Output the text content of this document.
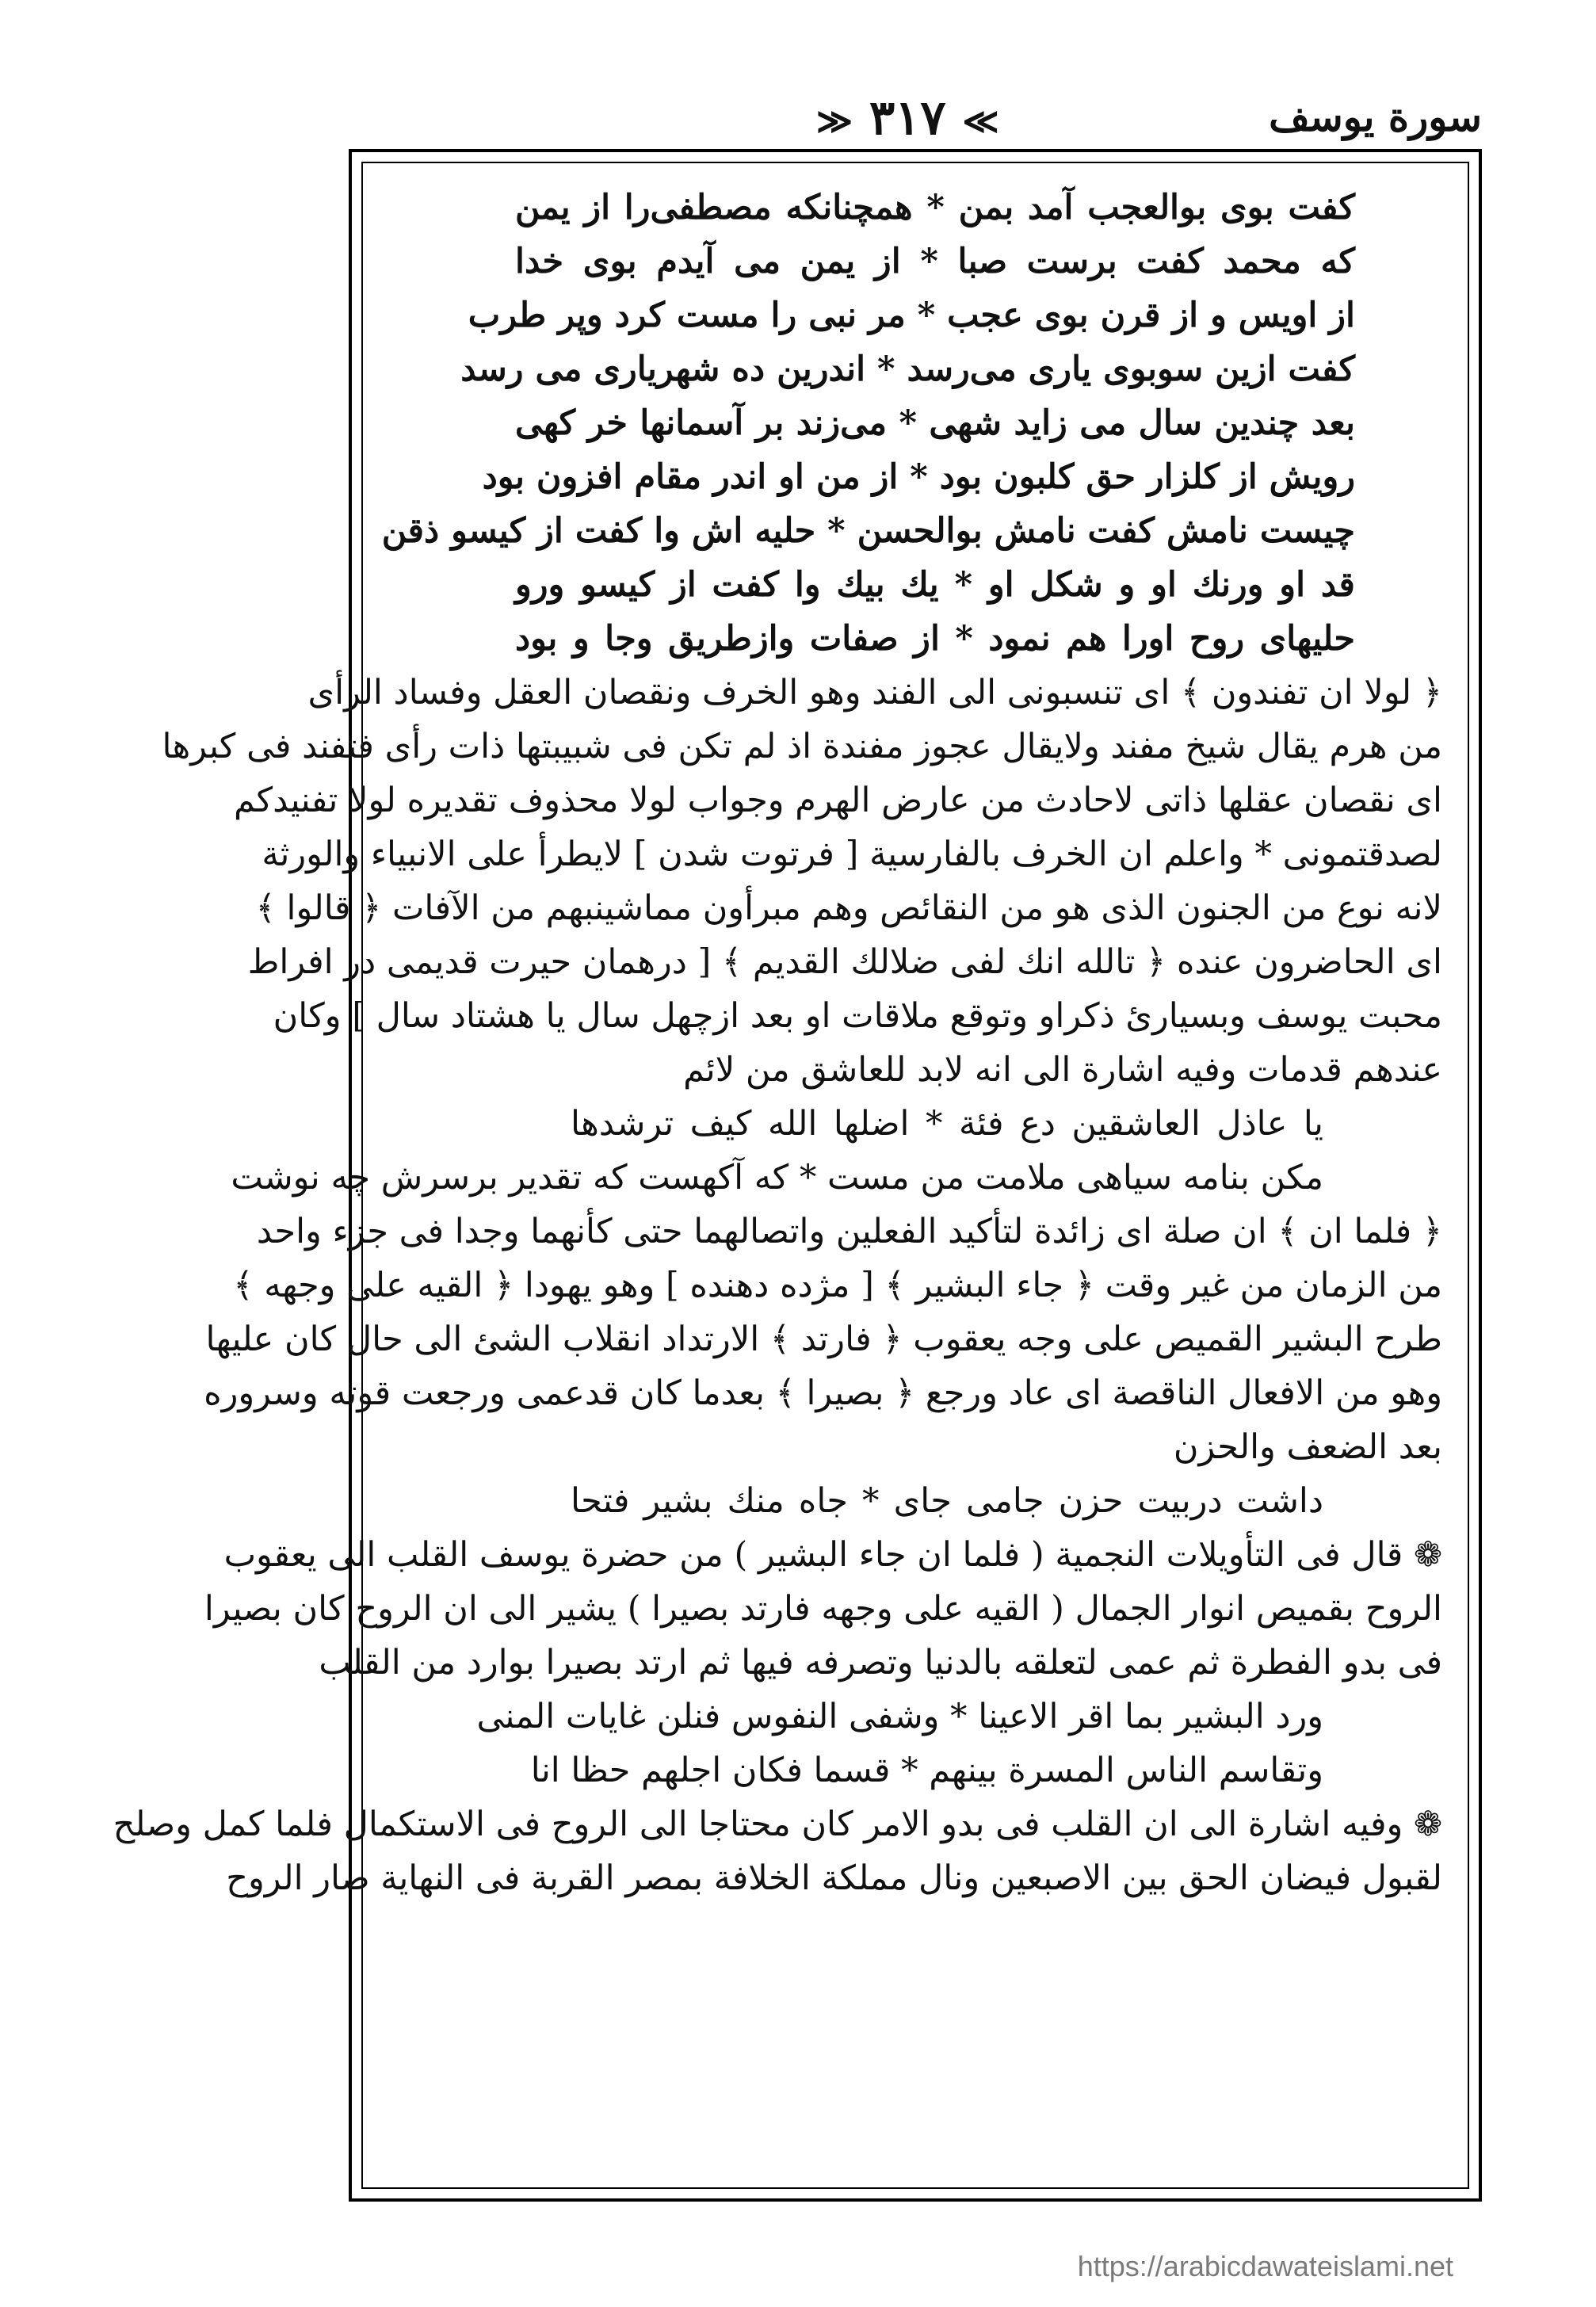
سورة يوسف
≫ ٣١٧ ≪
كفت بوى بوالعجب آمد بمن * همچنانکه مصطفى‌را از يمن
كه محمد كفت برست صبا * از يمن مى آيدم بوى خدا
از اويس و از قرن بوى عجب * مر نبى را مست كرد وپر طرب
كفت ازين سوبوى يارى مى‌رسد * اندرين ده شهريارى مى رسد
بعد چندين سال مى زايد شهى * مى‌زند بر آسمانها خر كهى
رويش از كلزار حق كلبون بود * از من او اندر مقام افزون بود
چيست نامش كفت نامش بوالحسن * حليه اش وا كفت از كيسو ذقن
قد او ورنك او و شكل او * يك بيك وا كفت از كيسو ورو
حليهاى روح اورا هم نمود * از صفات وازطريق وجا و بود
﴿ لولا ان تفندون ﴾ اى تنسبونى الى الفند وهو الخرف ونقصان العقل وفساد الرأى
من هرم يقال شيخ مفند ولايقال عجوز مفندة اذ لم تكن فى شبيبتها ذات رأى فتفند فى كبرها
اى نقصان عقلها ذاتى لاحادث من عارض الهرم وجواب لولا محذوف تقديره لولا تفنيدكم
لصدقتمونى * واعلم ان الخرف بالفارسية [ فرتوت شدن ] لايطرأ على الانبياء والورثة
لانه نوع من الجنون الذى هو من النقائص وهم مبرأون مماشينبهم من الآفات ﴿ قالوا ﴾
اى الحاضرون عنده ﴿ تالله انك لفى ضلالك القديم ﴾ [ درهمان حيرت قديمى در افراط
محبت يوسف وبسيارئ ذكراو وتوقع ملاقات او بعد ازچهل سال يا هشتاد سال ] وكان
عندهم قدمات وفيه اشارة الى انه لابد للعاشق من لائم
يا عاذل العاشقين دع فئة * اضلها الله كيف ترشدها
مكن بنامه سياهى ملامت من مست * كه آكهست كه تقدير برسرش چه نوشت
﴿ فلما ان ﴾ ان صلة اى زائدة لتأكيد الفعلين واتصالهما حتى كأنهما وجدا فى جزء واحد
من الزمان من غير وقت ﴿ جاء البشير ﴾ [ مژده دهنده ] وهو يهودا ﴿ القيه على وجهه ﴾
طرح البشير القميص على وجه يعقوب ﴿ فارتد ﴾ الارتداد انقلاب الشئ الى حال كان عليها
وهو من الافعال الناقصة اى عاد ورجع ﴿ بصيرا ﴾ بعدما كان قدعمى ورجعت قوته وسروره
بعد الضعف والحزن
داشت دربيت حزن جامى جاى * جاه منك بشير فتحا
❁ قال فى التأويلات النجمية ( فلما ان جاء البشير ) من حضرة يوسف القلب الى يعقوب
الروح بقميص انوار الجمال ( القيه على وجهه فارتد بصيرا ) يشير الى ان الروح كان بصيرا
فى بدو الفطرة ثم عمى لتعلقه بالدنيا وتصرفه فيها ثم ارتد بصيرا بوارد من القلب
ورد البشير بما اقر الاعينا * وشفى النفوس فنلن غايات المنى
وتقاسم الناس المسرة بينهم * قسما فكان اجلهم حظا انا
❁ وفيه اشارة الى ان القلب فى بدو الامر كان محتاجا الى الروح فى الاستكمال فلما كمل وصلح
لقبول فيضان الحق بين الاصبعين ونال مملكة الخلافة بمصر القربة فى النهاية صار الروح
https://arabicdawateislami.net
